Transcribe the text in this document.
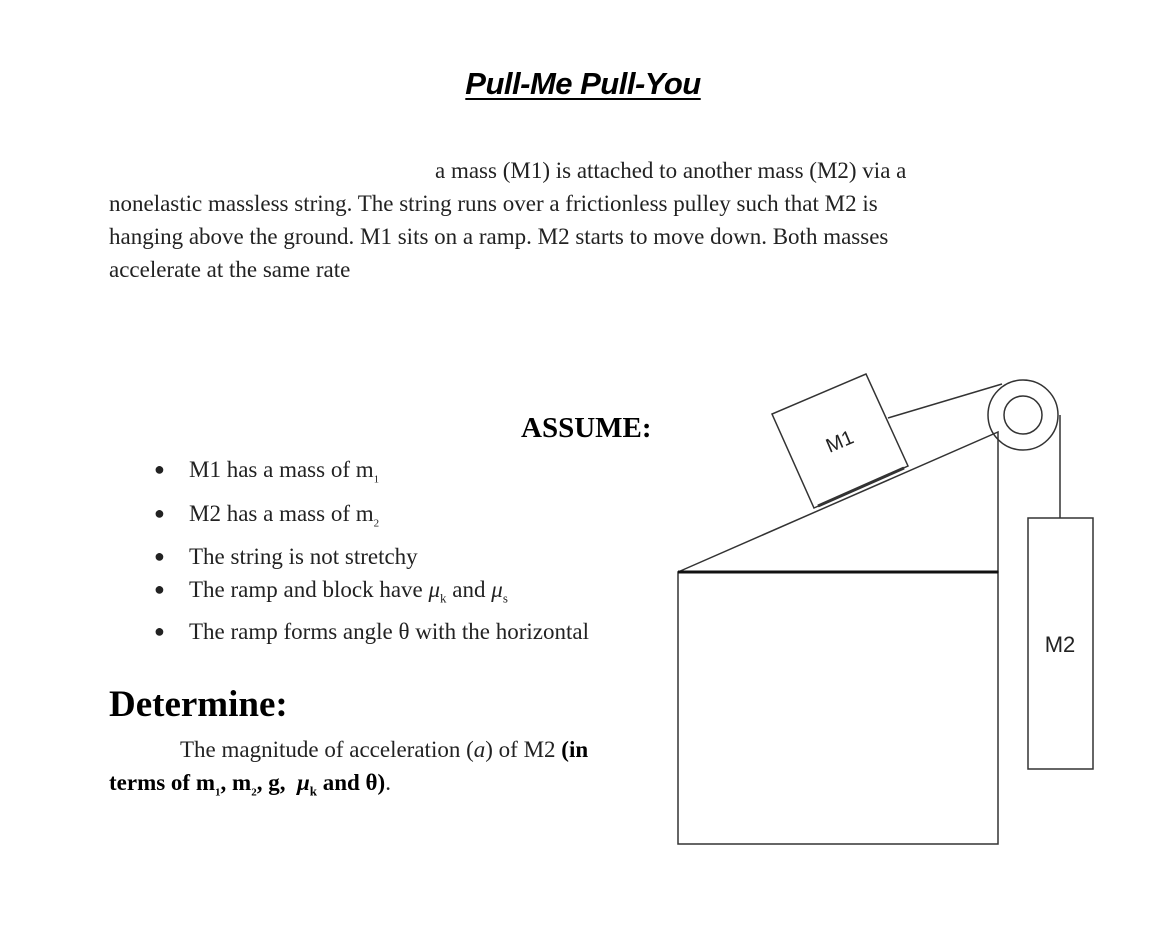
Pull-Me Pull-You
a mass (M1) is attached to another mass (M2) via a
nonelastic massless string. The string runs over a frictionless pulley such that M2 is
hanging above the ground. M1 sits on a ramp. M2 starts to move down. Both masses
accelerate at the same rate
ASSUME:
● M1 has a mass of $m_1$
● M2 has a mass of $m_2$
● The string is not stretchy
● The ramp and block have $\mu_k$ and $\mu_s$
● The ramp forms angle θ with the horizontal
Determine:
The magnitude of acceleration (a) of M2 (in
terms of $m_1$, $m_2$, g,  $\mu_k$ and θ).
M1
M2
